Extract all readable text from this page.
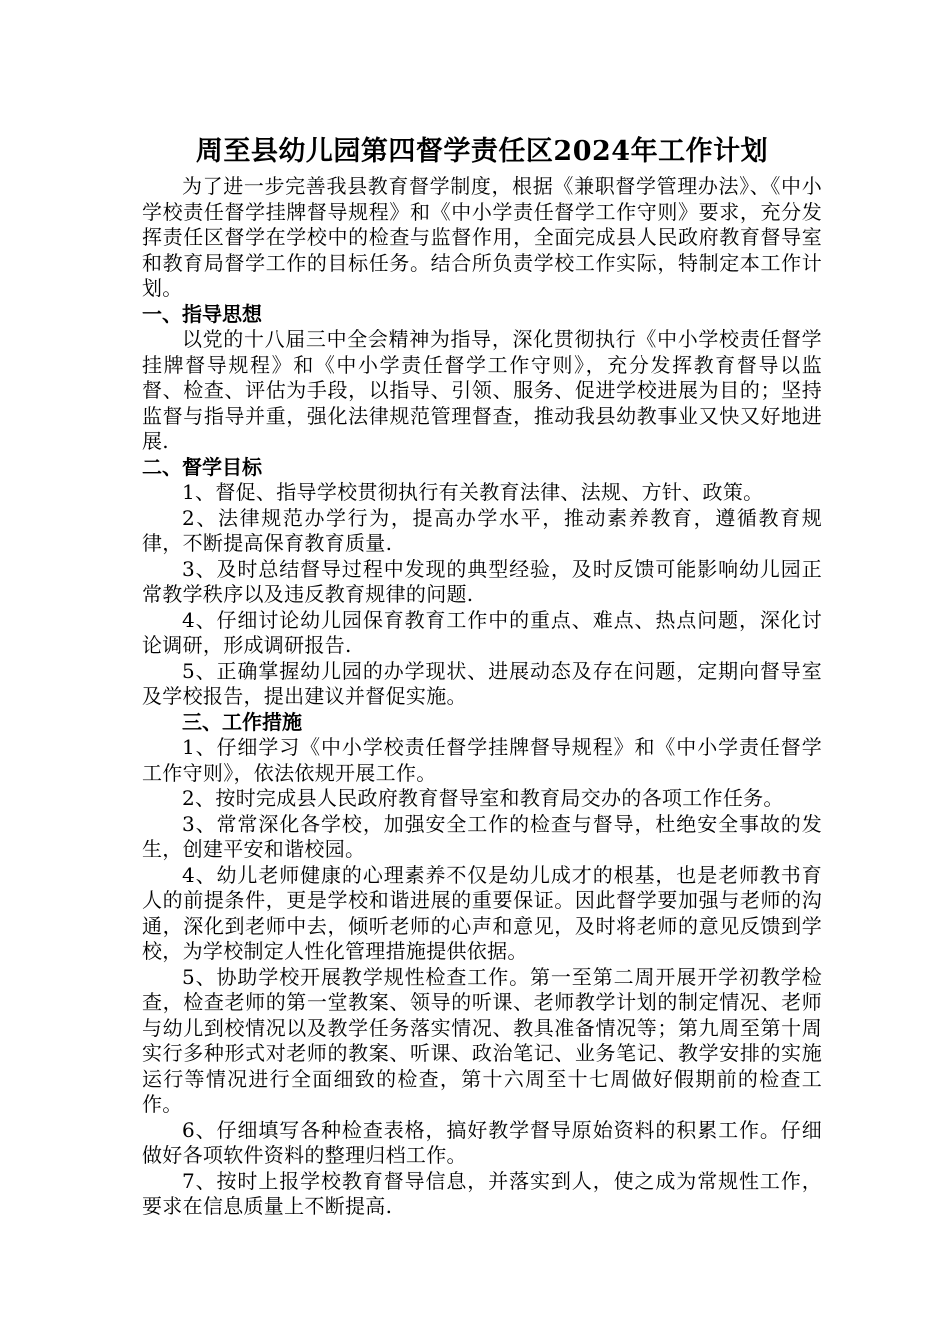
周至县幼儿园第四督学责任区2024年工作计划

为了进一步完善我县教育督学制度，根据《兼职督学管理办法》、《中小学校责任督学挂牌督导规程》和《中小学责任督学工作守则》要求，充分发挥责任区督学在学校中的检查与监督作用，全面完成县人民政府教育督导室和教育局督学工作的目标任务。结合所负责学校工作实际，特制定本工作计划。

一、指导思想

以党的十八届三中全会精神为指导，深化贯彻执行《中小学校责任督学挂牌督导规程》和《中小学责任督学工作守则》，充分发挥教育督导以监督、检查、评估为手段，以指导、引领、服务、促进学校进展为目的；坚持监督与指导并重，强化法律规范管理督查，推动我县幼教事业又快又好地进展.

二、督学目标

1、督促、指导学校贯彻执行有关教育法律、法规、方针、政策。

2、法律规范办学行为，提高办学水平，推动素养教育，遵循教育规律，不断提高保育教育质量.

3、及时总结督导过程中发现的典型经验，及时反馈可能影响幼儿园正常教学秩序以及违反教育规律的问题.

4、仔细讨论幼儿园保育教育工作中的重点、难点、热点问题，深化讨论调研，形成调研报告.

5、正确掌握幼儿园的办学现状、进展动态及存在问题，定期向督导室及学校报告，提出建议并督促实施。

三、工作措施

1、仔细学习《中小学校责任督学挂牌督导规程》和《中小学责任督学工作守则》，依法依规开展工作。

2、按时完成县人民政府教育督导室和教育局交办的各项工作任务。

3、常常深化各学校，加强安全工作的检查与督导，杜绝安全事故的发生，创建平安和谐校园。

4、幼儿老师健康的心理素养不仅是幼儿成才的根基，也是老师教书育人的前提条件，更是学校和谐进展的重要保证。因此督学要加强与老师的沟通，深化到老师中去，倾听老师的心声和意见，及时将老师的意见反馈到学校，为学校制定人性化管理措施提供依据。

5、协助学校开展教学规性检查工作。第一至第二周开展开学初教学检查，检查老师的第一堂教案、领导的听课、老师教学计划的制定情况、老师与幼儿到校情况以及教学任务落实情况、教具准备情况等；第九周至第十周实行多种形式对老师的教案、听课、政治笔记、业务笔记、教学安排的实施运行等情况进行全面细致的检查，第十六周至十七周做好假期前的检查工作。

6、仔细填写各种检查表格，搞好教学督导原始资料的积累工作。仔细做好各项软件资料的整理归档工作。

7、按时上报学校教育督导信息，并落实到人，使之成为常规性工作，要求在信息质量上不断提高.
